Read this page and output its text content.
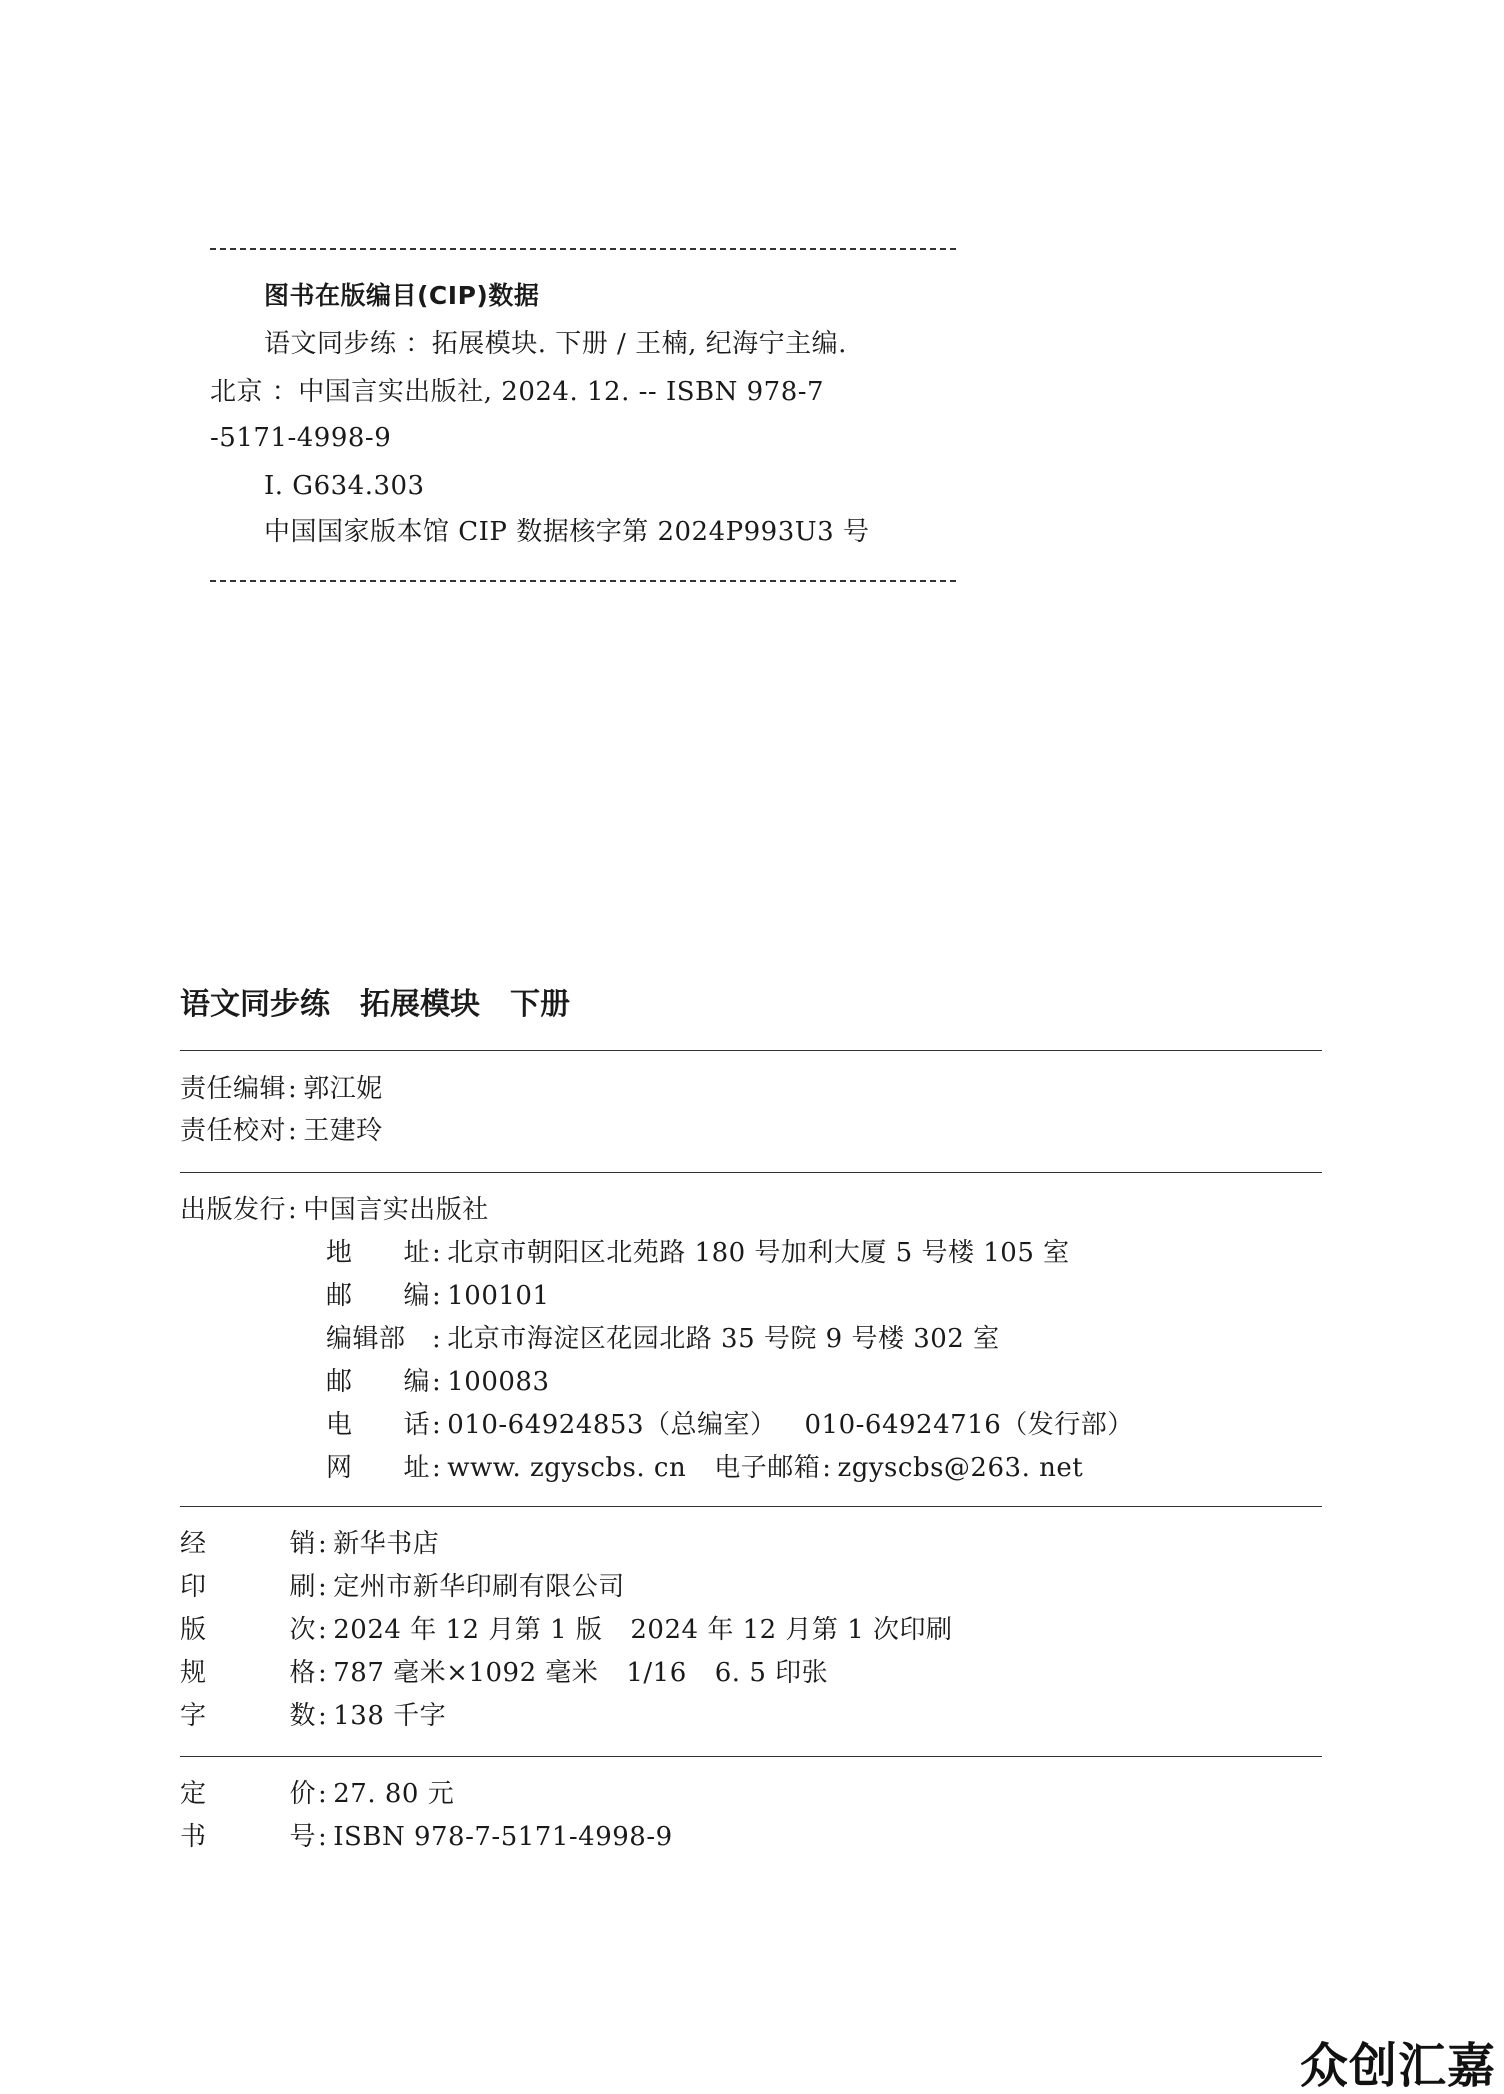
图书在版编目(CIP)数据
语文同步练 ：拓展模块. 下册 / 王楠, 纪海宁主编.
北京 ：中国言实出版社, 2024. 12. -- ISBN 978-7
-5171-4998-9
Ⅰ. G634.303
中国国家版本馆 CIP 数据核字第 2024P993U3 号
语文同步练 拓展模块 下册
责任编辑: 郭江妮
责任校对: 王建玲
出版发行: 中国言实出版社
地 址 : 北京市朝阳区北苑路 180 号加利大厦 5 号楼 105 室
邮 编 : 100101
编辑部 : 北京市海淀区花园北路 35 号院 9 号楼 302 室
邮 编 : 100083
电 话 : 010-64924853（总编室） 010-64924716（发行部）
网 址 : www. zgyscbs. cn 电子邮箱: zgyscbs@263. net
经	销 : 新华书店
印	刷 : 定州市新华印刷有限公司
版	次 : 2024 年 12 月第 1 版 2024 年 12 月第 1 次印刷
规	格 : 787 毫米×1092 毫米 1/16 6. 5 印张
字	数 : 138 千字
定	价 : 27. 80 元
书	号 : ISBN 978-7-5171-4998-9
众创汇嘉
